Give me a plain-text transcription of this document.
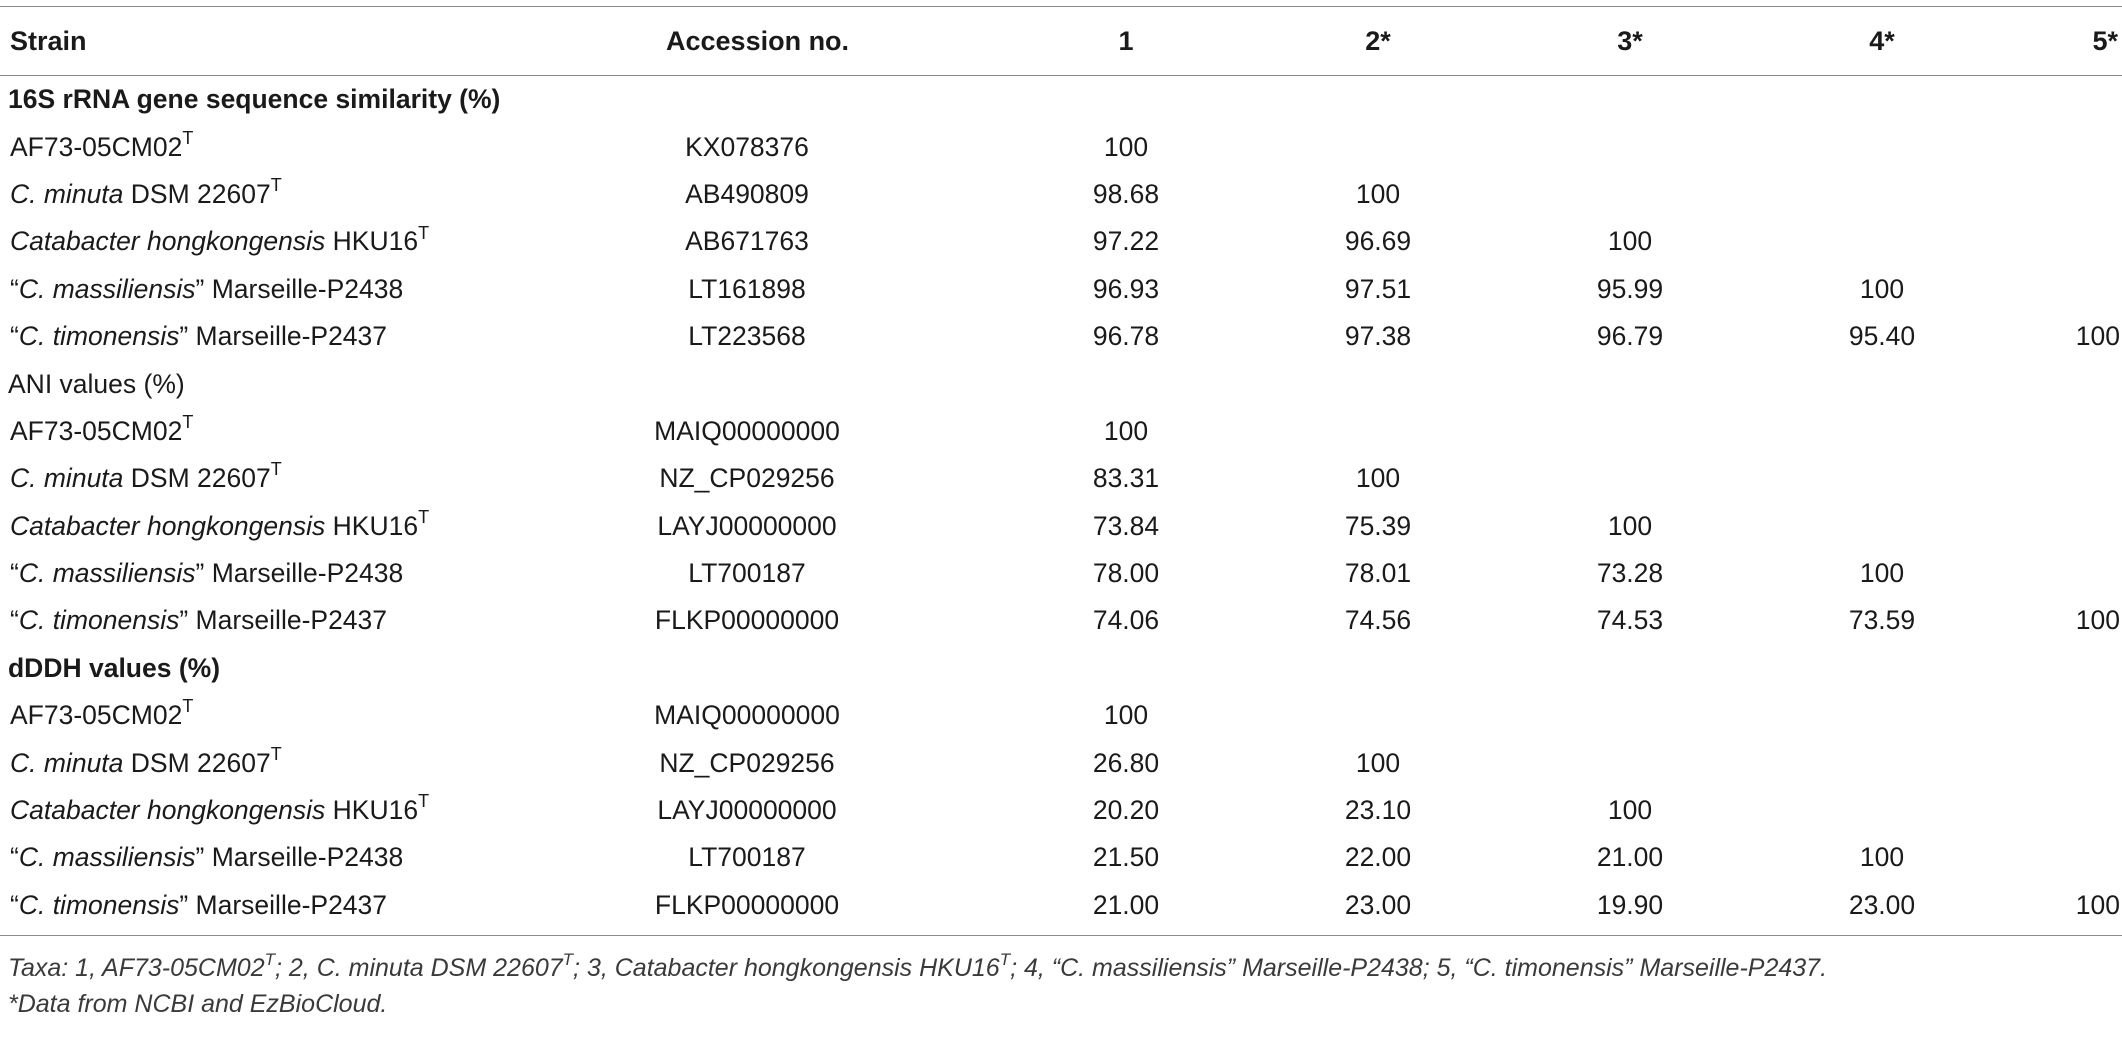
Strain	Accession no.	1	2*	3*	4*	5*

16S rRNA gene sequence similarity (%)						
$AF73-05CM02^T$	KX078376	100				
C. minuta DSM $22607^T$	AB490809	98.68	100			
Catabacter hongkongensis $HKU16^T$	AB671763	97.22	96.69	100		
“C. massiliensis” Marseille-P2438	LT161898	96.93	97.51	95.99	100	
“C. timonensis” Marseille-P2437	LT223568	96.78	97.38	96.79	95.40	100
ANI values (%)						
$AF73-05CM02^T$	MAIQ00000000	100				
C. minuta DSM $22607^T$	NZ_CP029256	83.31	100			
Catabacter hongkongensis $HKU16^T$	LAYJ00000000	73.84	75.39	100		
“C. massiliensis” Marseille-P2438	LT700187	78.00	78.01	73.28	100	
“C. timonensis” Marseille-P2437	FLKP00000000	74.06	74.56	74.53	73.59	100
dDDH values (%)						
$AF73-05CM02^T$	MAIQ00000000	100				
C. minuta DSM $22607^T$	NZ_CP029256	26.80	100			
Catabacter hongkongensis $HKU16^T$	LAYJ00000000	20.20	23.10	100		
“C. massiliensis” Marseille-P2438	LT700187	21.50	22.00	21.00	100	
“C. timonensis” Marseille-P2437	FLKP00000000	21.00	23.00	19.90	23.00	100
Taxa: 1, $AF73-05CM02^T$; 2, C. minuta DSM $22607^T$; 3, Catabacter hongkongensis $HKU16^T$; 4, “C. massiliensis” Marseille-P2438; 5, “C. timonensis” Marseille-P2437.
*Data from NCBI and EzBioCloud.
